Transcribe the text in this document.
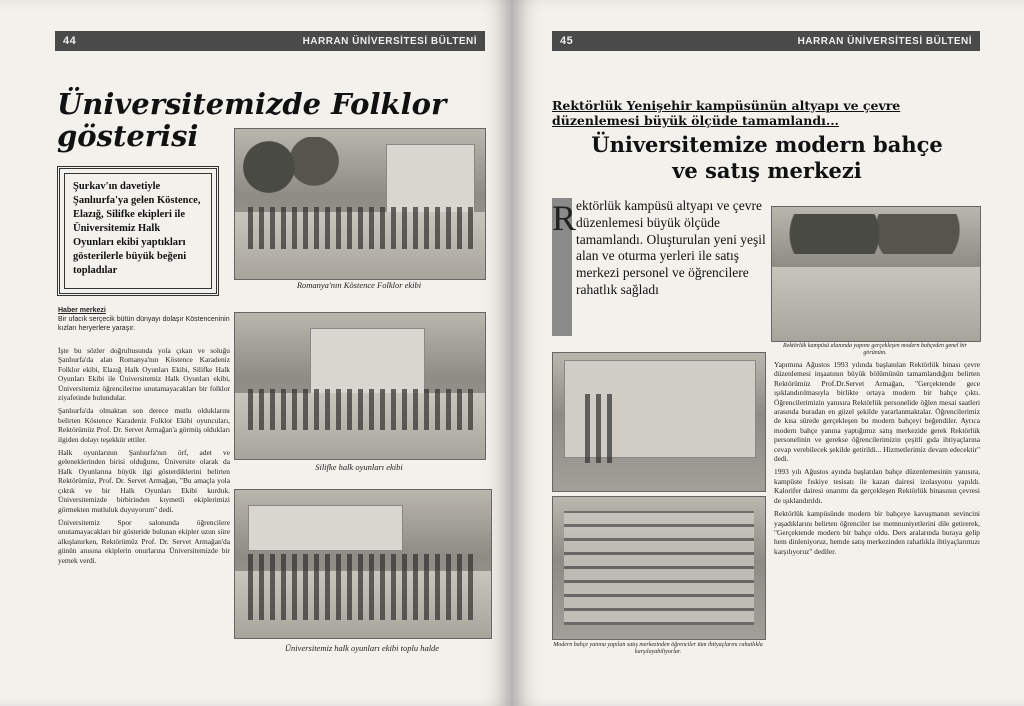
44	HARRAN ÜNİVERSİTESİ BÜLTENİ
Üniversitemizde Folklor
gösterisi
Şurkav'ın davetiyle Şanlıurfa'ya gelen Köstence, Elazığ, Silifke ekipleri ile Üniversitemiz Halk Oyunları ekibi yaptıkları gösterilerle büyük beğeni topladılar
Haber merkezi
Bir ufacık serçecik bütün dünyayı dolaşır Köstenceninin kızları heryerlere yaraşır.

İşte bu sözler doğrultusunda yola çıkan ve soluğu Şanlıurfa'da alan Romanya'nın Köstence Karadeniz Folklor ekibi, Elazığ Halk Oyunları Ekibi, Silifke Halk Oyunları Ekibi ile Üniversitemiz Halk Oyunları ekibi, Üniversitemiz öğrencilerine unutamayacakları bir folklor ziyafetinde bulundular.

Şanlıurfa'da olmaktan son derece mutlu olduklarını belirten Köstence Karadeniz Folklor Ekibi oyuncuları, Rektörümüz Prof. Dr. Servet Armağan'a görmüş oldukları ilgiden dolayı teşekkür ettiler.

Halk oyunlarının Şanlıurfa'nın örf, adet ve geleneklerinden birisi olduğunu, Üniversite olarak da Halk Oyunlarına büyük ilgi gösterdiklerini belirten Rektörümüz, Prof. Dr. Servet Armağan, "Bu amaçla yola çıktık ve bir Halk Oyunları Ekibi kurduk. Üniversitemizde birbirinden kıymetli ekiplerimizi görmekten mutluluk duyuyorum" dedi.

Üniversitemiz Spor salonunda öğrencilere unutamayacakları bir gösteride bulunan ekipler uzun süre alkışlanırken, Rektörümüz Prof. Dr. Servet Armağan'da günün anısına ekiplerin onurlarına Üniversitemizde bir yemek verdi.

Romanya'nın Köstence Folklor ekibi
Silifke halk oyunları ekibi
Üniversitemiz halk oyunları ekibi toplu halde
45	HARRAN ÜNİVERSİTESİ BÜLTENİ
Rektörlük Yenişehir kampüsünün altyapı ve çevre düzenlemesi büyük ölçüde tamamlandı...
Üniversitemize modern bahçe
ve satış merkezi
R ektörlük kampüsü altyapı ve çevre düzenlemesi büyük ölçüde tamamlandı. Oluşturulan yeni yeşil alan ve oturma yerleri ile satış merkezi personel ve öğrencilere rahatlık sağladı
Rektörlük kampüsü alanında yapımı gerçekleşen modern bahçeden genel bir görünüm.
Modern bahçe yanına yapılan satış merkezinden öğrenciler tüm ihtiyaçlarını rahatlıkla karşılayabiliyorlar.

Yapımına Ağustos 1993 yılında başlanılan Rektörlük binası çevre düzenlemesi inşaatının büyük bölümünün tamamlandığını belirten Rektörümüz Prof.Dr.Servet Armağan, "Gerçektende gece ışıklandırılmasıyla birlikte ortaya modern bir bahçe çıktı. Öğrencilerimizin yanısıra Rektörlük personelide öğlen mesai saatleri arasında buradan en güzel şekilde yararlanmaktalar. Öğrencilerimiz de kısa sürede gerçekleşen bu modern bahçeyi beğendiler. Ayrıca modern bahçe yanına yaptığımız satış merkezide gerek Rektörlük personelinin ve gerekse öğrencilerimizin çeşitli gıda ihtiyaçlarına cevap verebilecek şekilde getirildi... Hizmetlerimiz devam edecektir" dedi.

1993 yılı Ağustos ayında başlatılan bahçe düzenlemesinin yanısıra, kampüste fıskiye tesisatı ile kazan dairesi izolasyonu yapıldı. Kalorifer dairesi onarımı da gerçekleşen Rektörlük binasının çevresi de ışıklandırıldı.

Rektörlük kampüsünde modern bir bahçeye kavuşmanın sevincini yaşadıklarını belirten öğrenciler ise memnuniyetlerini dile getirerek, "Gerçektende modern bir bahçe oldu. Ders aralarında buraya gelip hem dinleniyoruz, hemde satış merkezinden rahatlıkla ihtiyaçlarımızı karşılıyoruz" dediler.
